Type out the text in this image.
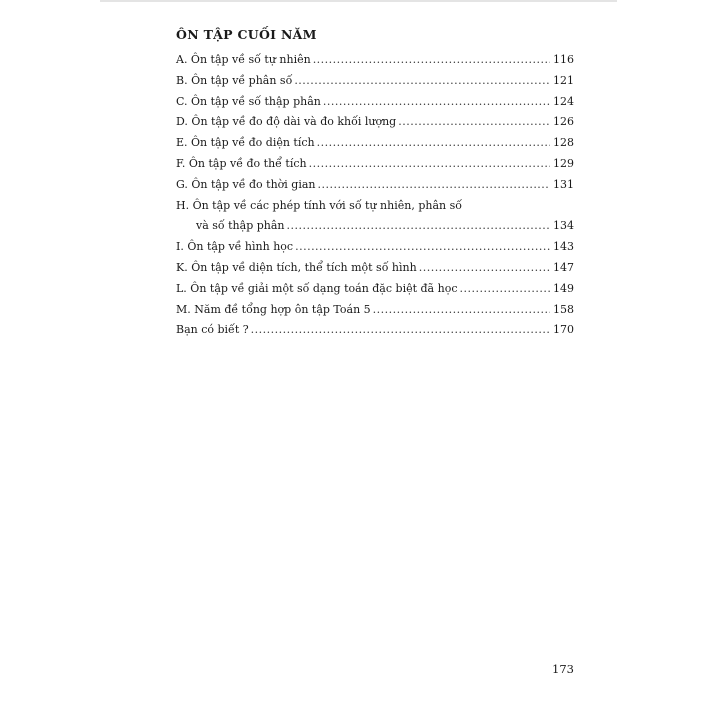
ÔN TẬP CUỐI NĂM
A. Ôn tập về số tự nhiên .....	116
B. Ôn tập về phân số .....	121
C. Ôn tập về số thập phân .....	124
D. Ôn tập về đo độ dài và đo khối lượng .....	126
E. Ôn tập về đo diện tích .....	128
F. Ôn tập về đo thể tích .....	129
G. Ôn tập về đo thời gian .....	131
H. Ôn tập về các phép tính với số tự nhiên, phân số
và số thập phân .....	134
I. Ôn tập về hình học .....	143
K. Ôn tập về diện tích, thể tích một số hình .....	147
L. Ôn tập về giải một số dạng toán đặc biệt đã học .....	149
M. Năm đề tổng hợp ôn tập Toán 5 .....	158
Bạn có biết ? .....	170
173
